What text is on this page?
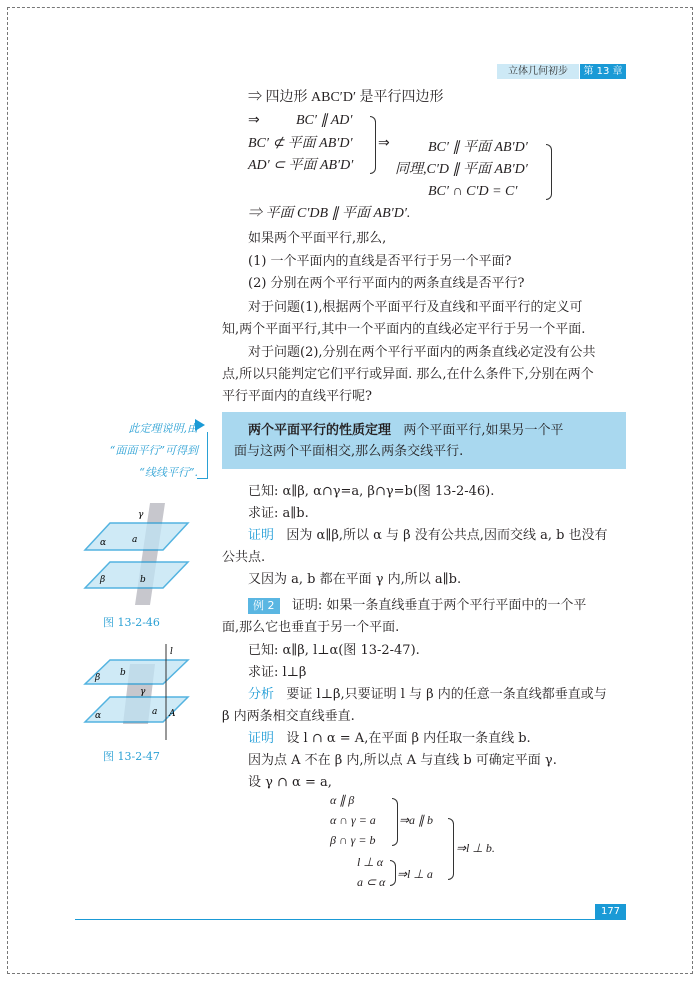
立体几何初步	第 13 章
⇒ 四边形 ABC′D′ 是平行四边形
⇒	BC′ ∥ AD′
BC′ ⊄ 平面 AB′D′
AD′ ⊂ 平面 AB′D′
⇒	BC′ ∥ 平面 AB′D′
同理,C′D ∥ 平面 AB′D′
BC′ ∩ C′D = C′
⇒ 平面 C′DB ∥ 平面 AB′D′.
如果两个平面平行,那么,
(1) 一个平面内的直线是否平行于另一个平面?
(2) 分别在两个平行平面内的两条直线是否平行?
对于问题(1),根据两个平面平行及直线和平面平行的定义可
知,两个平面平行,其中一个平面内的直线必定平行于另一个平面.
对于问题(2),分别在两个平行平面内的两条直线必定没有公共
点,所以只能判定它们平行或异面. 那么,在什么条件下,分别在两个
平行平面内的直线平行呢?
此定理说明,由
“面面平行”可得到
“线线平行”.
两个平面平行的性质定理 两个平面平行,如果另一个平
面与这两个平面相交,那么两条交线平行.
已知: α∥β, α∩γ=a, β∩γ=b(图 13-2-46).
求证: a∥b.
证明 因为 α∥β,所以 α 与 β 没有公共点,因而交线 a, b 也没有
公共点.
又因为 a, b 都在平面 γ 内,所以 a∥b.
例 2 证明: 如果一条直线垂直于两个平行平面中的一个平
面,那么它也垂直于另一个平面.
已知: α∥β, l⊥α(图 13-2-47).
求证: l⊥β
分析 要证 l⊥β,只要证明 l 与 β 内的任意一条直线都垂直或与
β 内两条相交直线垂直.
证明 设 l ∩ α = A,在平面 β 内任取一条直线 b.
因为点 A 不在 β 内,所以点 A 与直线 b 可确定平面 γ.
设 γ ∩ α = a,
α ∥ β
α ∩ γ = a
β ∩ γ = b
⇒a ∥ b
l ⊥ α
a ⊂ α
⇒l ⊥ a
⇒l ⊥ b.
γ
α	a
β	b
图 13-2-46
l
β b
γ
α	a A
图 13-2-47
177
